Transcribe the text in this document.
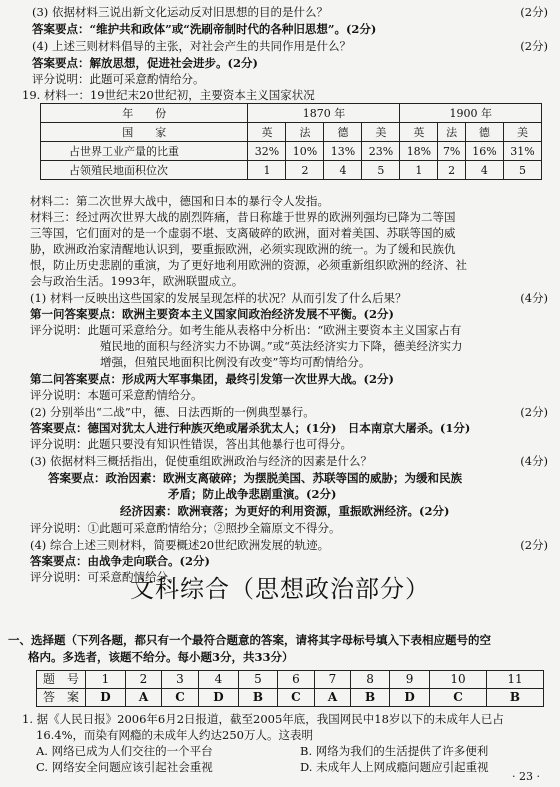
(3) 依据材料三说出新文化运动反对旧思想的目的是什么？	(2分)
答案要点：“维护共和政体”或“洗刷帝制时代的各种旧思想”。(2分)
(4) 上述三则材料倡导的主张，对社会产生的共同作用是什么？	(2分)
答案要点：解放思想，促进社会进步。(2分)
评分说明：此题可采意酌情给分。
19. 材料一：19世纪末20世纪初，主要资本主义国家状况
年　　份	1870 年				1900 年			
国　　家	英	法	德	美	英	法	德	美
占世界工业产量的比重	32%	10%	13%	23%	18%	7%	16%	31%
占领殖民地面积位次	1	2	4	5	1	2	4	5
材料二：第二次世界大战中，德国和日本的暴行令人发指。
材料三：经过两次世界大战的剧烈阵痛，昔日称雄于世界的欧洲列强均已降为二等国
三等国，它们面对的是一个虚弱不堪、支离破碎的欧洲，面对着美国、苏联等国的威
胁，欧洲政治家清醒地认识到，要重振欧洲，必须实现欧洲的统一。为了缓和民族仇
恨，防止历史悲剧的重演，为了更好地利用欧洲的资源，必须重新组织欧洲的经济、社
会与政治生活。1993年，欧洲联盟成立。
(1) 材料一反映出这些国家的发展呈现怎样的状况？从而引发了什么后果？	(4分)
第一问答案要点：欧洲主要资本主义国家间政治经济发展不平衡。(2分)
评分说明：此题可采意给分。如考生能从表格中分析出：“欧洲主要资本主义国家占有
殖民地的面积与经济实力不协调。”或“英法经济实力下降，德美经济实力
增强，但殖民地面积比例没有改变”等均可酌情给分。
第二问答案要点：形成两大军事集团，最终引发第一次世界大战。(2分)
评分说明：本题可采意酌情给分。
(2) 分别举出“二战”中，德、日法西斯的一例典型暴行。	(2分)
答案要点：德国对犹太人进行种族灭绝或屠杀犹太人；(1分)　日本南京大屠杀。(1分)
评分说明：此题只要没有知识性错误，答出其他暴行也可得分。
(3) 依据材料三概括指出，促使重组欧洲政治与经济的因素是什么？	(4分)
答案要点：政治因素：欧洲支离破碎；为摆脱美国、苏联等国的威胁；为缓和民族
矛盾；防止战争悲剧重演。(2分)
经济因素：欧洲衰落；为更好的利用资源，重振欧洲经济。(2分)
评分说明：①此题可采意酌情给分；②照抄全篇原文不得分。
(4) 综合上述三则材料，简要概述20世纪欧洲发展的轨迹。	(2分)
答案要点：由战争走向联合。(2分)
评分说明：可采意酌情给分。
文科综合（思想政治部分）
一、选择题（下列各题，都只有一个最符合题意的答案，请将其字母标号填入下表相应题号的空
格内。多选者，该题不给分。每小题3分，共33分）
题　号	1	2	3	4	5	6	7	8	9	10	11
答　案	D	A	C	D	B	C	A	B	D	C	B
1. 据《人民日报》2006年6月2日报道，截至2005年底，我国网民中18岁以下的未成年人已占
16.4%，而染有网瘾的未成年人约达250万人。这表明
A. 网络已成为人们交往的一个平台	B. 网络为我们的生活提供了许多便利
C. 网络安全问题应该引起社会重视	D. 未成年人上网成瘾问题应引起重视
· 23 ·
